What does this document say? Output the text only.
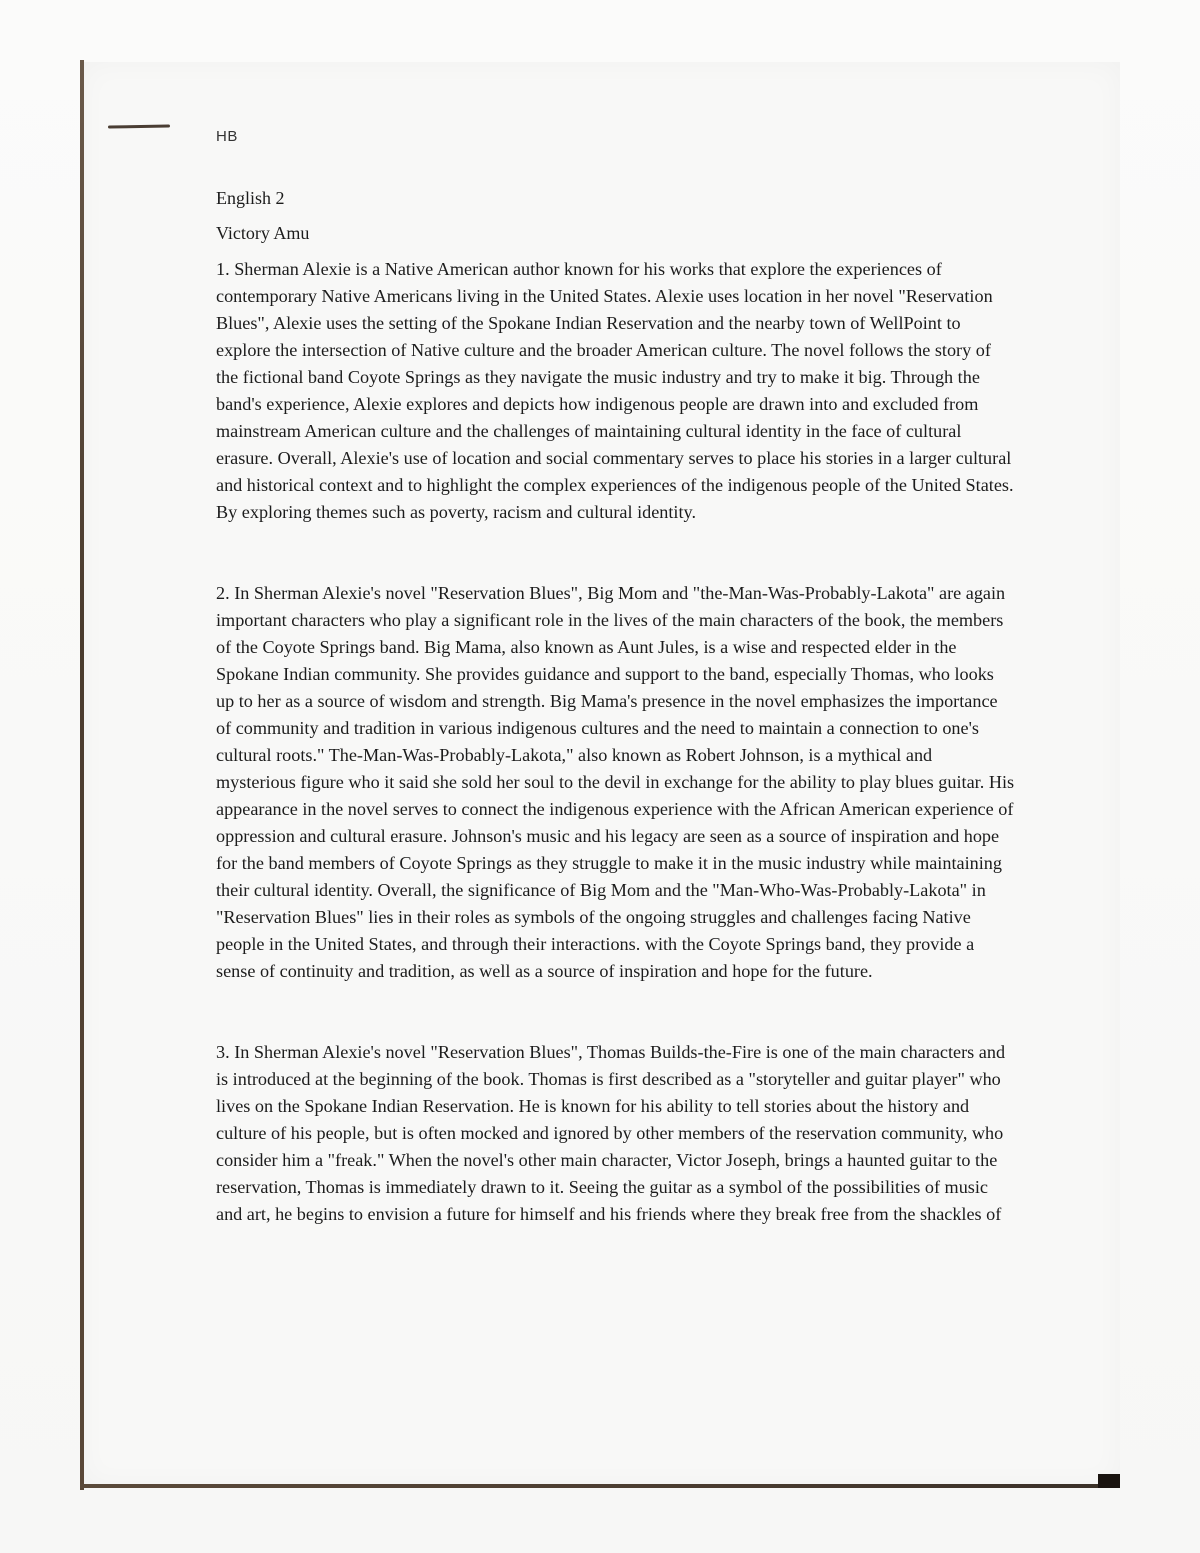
HB
English 2
Victory Amu

1. Sherman Alexie is a Native American author known for his works that explore the experiences of contemporary Native Americans living in the United States. Alexie uses location in her novel "Reservation Blues", Alexie uses the setting of the Spokane Indian Reservation and the nearby town of WellPoint to explore the intersection of Native culture and the broader American culture. The novel follows the story of the fictional band Coyote Springs as they navigate the music industry and try to make it big. Through the band's experience, Alexie explores and depicts how indigenous people are drawn into and excluded from mainstream American culture and the challenges of maintaining cultural identity in the face of cultural erasure. Overall, Alexie's use of location and social commentary serves to place his stories in a larger cultural and historical context and to highlight the complex experiences of the indigenous people of the United States. By exploring themes such as poverty, racism and cultural identity.

2. In Sherman Alexie's novel "Reservation Blues", Big Mom and "the-Man-Was-Probably-Lakota" are again important characters who play a significant role in the lives of the main characters of the book, the members of the Coyote Springs band. Big Mama, also known as Aunt Jules, is a wise and respected elder in the Spokane Indian community. She provides guidance and support to the band, especially Thomas, who looks up to her as a source of wisdom and strength. Big Mama's presence in the novel emphasizes the importance of community and tradition in various indigenous cultures and the need to maintain a connection to one's cultural roots." The-Man-Was-Probably-Lakota," also known as Robert Johnson, is a mythical and mysterious figure who it said she sold her soul to the devil in exchange for the ability to play blues guitar. His appearance in the novel serves to connect the indigenous experience with the African American experience of oppression and cultural erasure. Johnson's music and his legacy are seen as a source of inspiration and hope for the band members of Coyote Springs as they struggle to make it in the music industry while maintaining their cultural identity. Overall, the significance of Big Mom and the "Man-Who-Was-Probably-Lakota" in "Reservation Blues" lies in their roles as symbols of the ongoing struggles and challenges facing Native people in the United States, and through their interactions. with the Coyote Springs band, they provide a sense of continuity and tradition, as well as a source of inspiration and hope for the future.

3. In Sherman Alexie's novel "Reservation Blues", Thomas Builds-the-Fire is one of the main characters and is introduced at the beginning of the book. Thomas is first described as a "storyteller and guitar player" who lives on the Spokane Indian Reservation. He is known for his ability to tell stories about the history and culture of his people, but is often mocked and ignored by other members of the reservation community, who consider him a "freak." When the novel's other main character, Victor Joseph, brings a haunted guitar to the reservation, Thomas is immediately drawn to it. Seeing the guitar as a symbol of the possibilities of music and art, he begins to envision a future for himself and his friends where they break free from the shackles of
